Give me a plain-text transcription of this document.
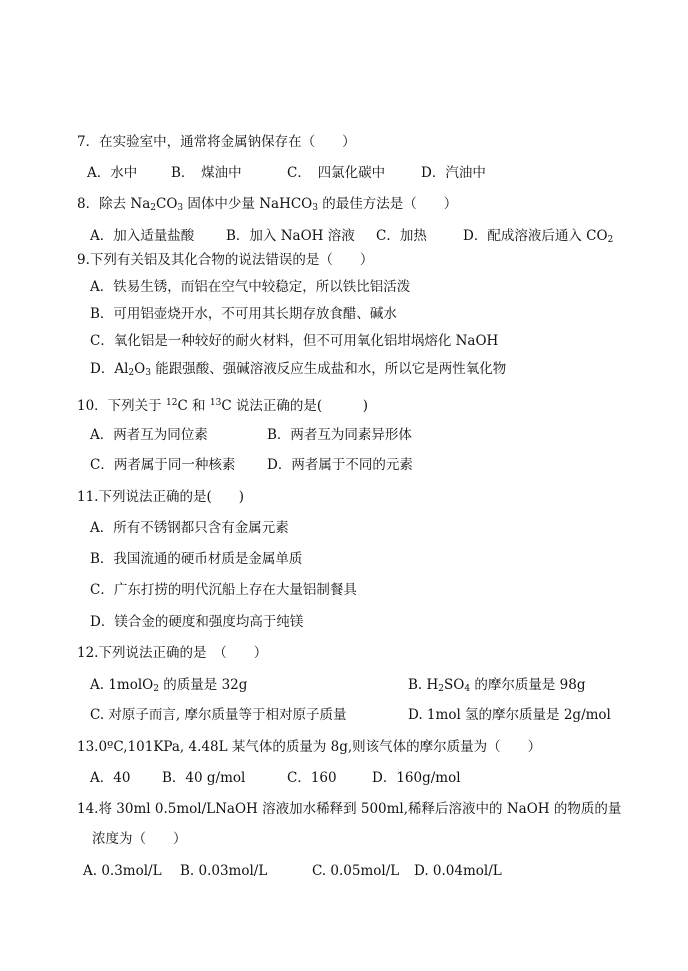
7．在实验室中，通常将金属钠保存在（　　）
A．水中	B．　煤油中	C．　四氯化碳中	D．汽油中
8．除去 $Na_2CO_3$ 固体中少量 NaHCO$_3$ 的最佳方法是（　　）
A．加入适量盐酸 B．加入 NaOH 溶液 C．加热	D．配成溶液后通入 $CO_2$
9.下列有关铝及其化合物的说法错误的是（　　）
A．铁易生锈，而铝在空气中较稳定，所以铁比铝活泼
B．可用铝壶烧开水，不可用其长期存放食醋、碱水
C．氧化铝是一种较好的耐火材料，但不可用氧化铝坩埚熔化 NaOH
D．$Al_2O_3$ 能跟强酸、强碱溶液反应生成盐和水，所以它是两性氧化物
10．下列关于 $^{12}$C 和 $^{13}$C 说法正确的是(　　　)
A．两者互为同位素	B．两者互为同素异形体
C．两者属于同一种核素 D．两者属于不同的元素
11.下列说法正确的是(　　)
A．所有不锈钢都只含有金属元素
B．我国流通的硬币材质是金属单质
C．广东打捞的明代沉船上存在大量铝制餐具
D．镁合金的硬度和强度均高于纯镁
12.下列说法正确的是　（　　）
A. 1molO$_2$ 的质量是 32g	B. $H_2SO_4$ 的摩尔质量是 98g
C. 对原子而言, 摩尔质量等于相对原子质量	D. 1mol 氢的摩尔质量是 2g/mol
13.0ºC,101KPa, 4.48L 某气体的质量为 8g,则该气体的摩尔质量为（　　）
A．40 B．40 g/mol	C．160	D．160g/mol
14.将 30ml 0.5mol/LNaOH 溶液加水稀释到 500ml,稀释后溶液中的 NaOH 的物质的量
浓度为（　　）
A. 0.3mol/L B. 0.03mol/L	C. 0.05mol/L D. 0.04mol/L
